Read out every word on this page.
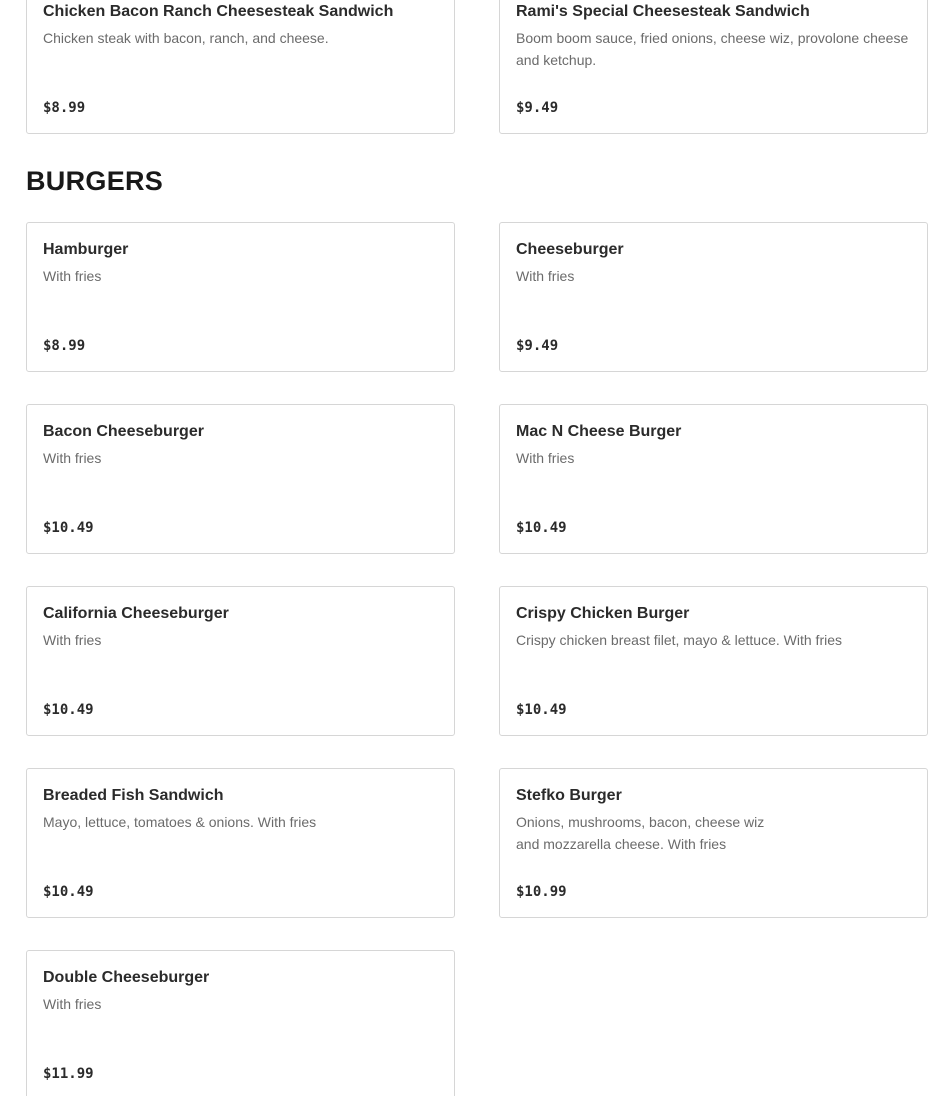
Chicken Bacon Ranch Cheesesteak Sandwich
Chicken steak with bacon, ranch, and cheese.
$8.99
Rami's Special Cheesesteak Sandwich
Boom boom sauce, fried onions, cheese wiz, provolone cheese and ketchup.
$9.49
BURGERS
Hamburger
With fries
$8.99
Cheeseburger
With fries
$9.49
Bacon Cheeseburger
With fries
$10.49
Mac N Cheese Burger
With fries
$10.49
California Cheeseburger
With fries
$10.49
Crispy Chicken Burger
Crispy chicken breast filet, mayo & lettuce. With fries
$10.49
Breaded Fish Sandwich
Mayo, lettuce, tomatoes & onions. With fries
$10.49
Stefko Burger
Onions, mushrooms, bacon, cheese wiz and mozzarella cheese. With fries
$10.99
Double Cheeseburger
With fries
$11.99
